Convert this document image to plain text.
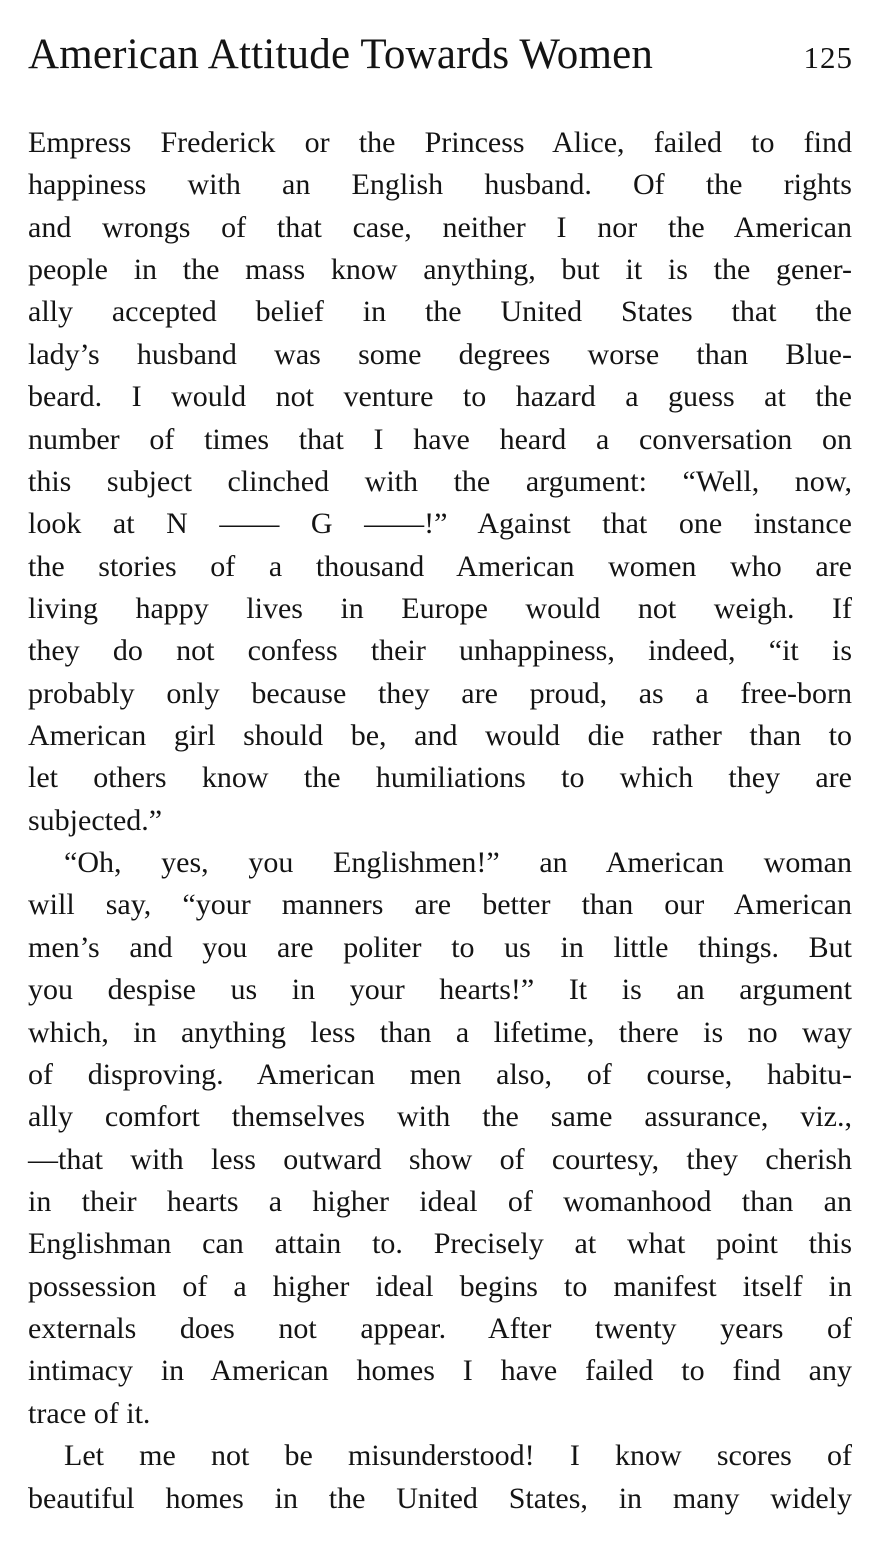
American Attitude Towards Women	125
Empress Frederick or the Princess Alice, failed to find
happiness with an English husband. Of the rights
and wrongs of that case, neither I nor the American
people in the mass know anything, but it is the gener-
ally accepted belief in the United States that the
lady’s husband was some degrees worse than Blue-
beard. I would not venture to hazard a guess at the
number of times that I have heard a conversation on
this subject clinched with the argument: “Well, now,
look at N —— G ——!” Against that one instance
the stories of a thousand American women who are
living happy lives in Europe would not weigh. If
they do not confess their unhappiness, indeed, “it is
probably only because they are proud, as a free-born
American girl should be, and would die rather than to
let others know the humiliations to which they are
subjected.”
“Oh, yes, you Englishmen!” an American woman
will say, “your manners are better than our American
men’s and you are politer to us in little things. But
you despise us in your hearts!” It is an argument
which, in anything less than a lifetime, there is no way
of disproving. American men also, of course, habitu-
ally comfort themselves with the same assurance, viz.,
—that with less outward show of courtesy, they cherish
in their hearts a higher ideal of womanhood than an
Englishman can attain to. Precisely at what point this
possession of a higher ideal begins to manifest itself in
externals does not appear. After twenty years of
intimacy in American homes I have failed to find any
trace of it.
Let me not be misunderstood! I know scores of
beautiful homes in the United States, in many widely
